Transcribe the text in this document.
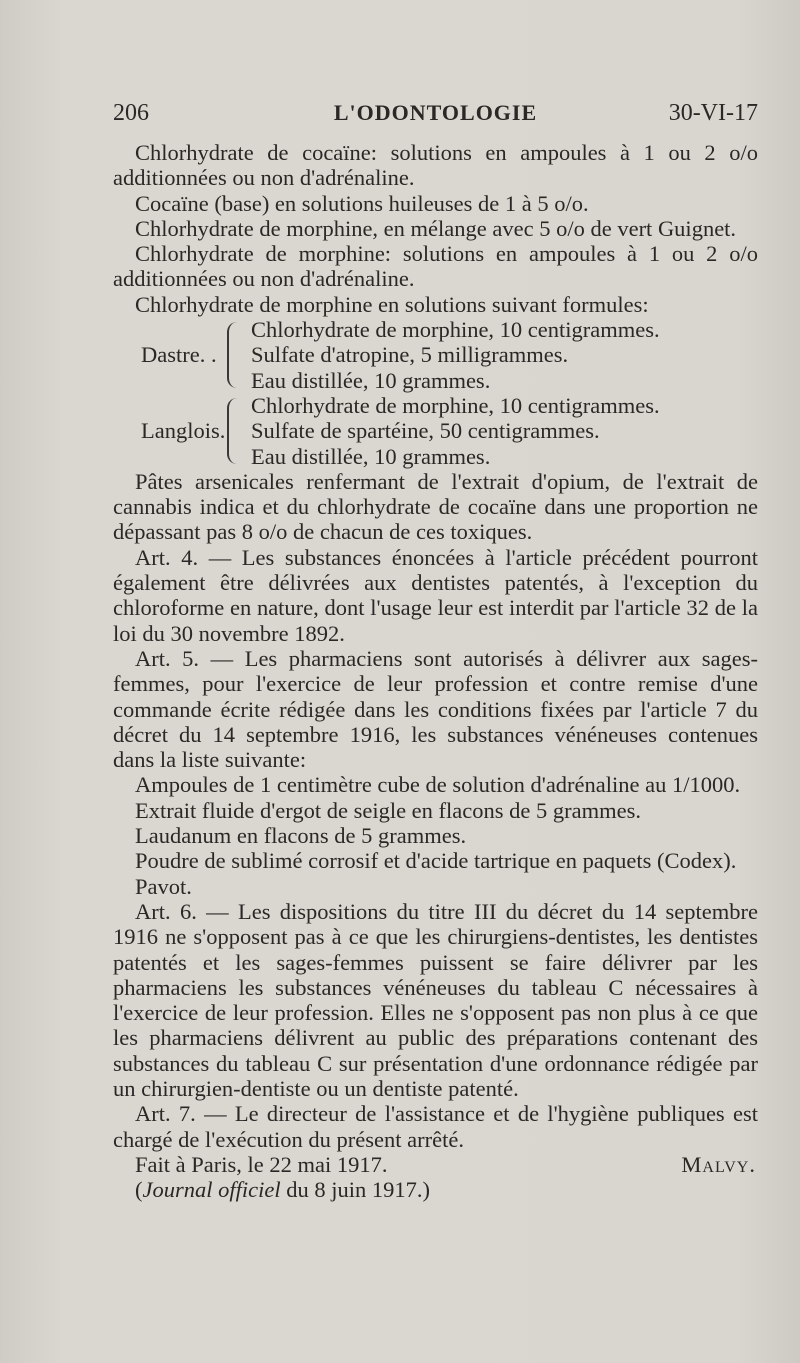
206	L'ODONTOLOGIE	30-VI-17

Chlorhydrate de cocaïne: solutions en ampoules à 1 ou 2 o/o additionnées ou non d'adrénaline.

Cocaïne (base) en solutions huileuses de 1 à 5 o/o.

Chlorhydrate de morphine, en mélange avec 5 o/o de vert Guignet.

Chlorhydrate de morphine: solutions en ampoules à 1 ou 2 o/o additionnées ou non d'adrénaline.

Chlorhydrate de morphine en solutions suivant formules:

Dastre. .
Chlorhydrate de morphine, 10 centigrammes.
Sulfate d'atropine, 5 milligrammes.
Eau distillée, 10 grammes.
Langlois.
Chlorhydrate de morphine, 10 centigrammes.
Sulfate de spartéine, 50 centigrammes.
Eau distillée, 10 grammes.

Pâtes arsenicales renfermant de l'extrait d'opium, de l'extrait de cannabis indica et du chlorhydrate de cocaïne dans une proportion ne dépassant pas 8 o/o de chacun de ces toxiques.

Art. 4. — Les substances énoncées à l'article précédent pourront également être délivrées aux dentistes patentés, à l'exception du chloroforme en nature, dont l'usage leur est interdit par l'article 32 de la loi du 30 novembre 1892.

Art. 5. — Les pharmaciens sont autorisés à délivrer aux sages-femmes, pour l'exercice de leur profession et contre remise d'une commande écrite rédigée dans les conditions fixées par l'article 7 du décret du 14 septembre 1916, les substances vénéneuses contenues dans la liste suivante:

Ampoules de 1 centimètre cube de solution d'adrénaline au 1/1000.

Extrait fluide d'ergot de seigle en flacons de 5 grammes.

Laudanum en flacons de 5 grammes.

Poudre de sublimé corrosif et d'acide tartrique en paquets (Codex).

Pavot.

Art. 6. — Les dispositions du titre III du décret du 14 septembre 1916 ne s'opposent pas à ce que les chirurgiens-dentistes, les dentistes patentés et les sages-femmes puissent se faire délivrer par les pharmaciens les substances vénéneuses du tableau C nécessaires à l'exercice de leur profession. Elles ne s'opposent pas non plus à ce que les pharmaciens délivrent au public des préparations contenant des substances du tableau C sur présentation d'une ordonnance rédigée par un chirurgien-dentiste ou un dentiste patenté.

Art. 7. — Le directeur de l'assistance et de l'hygiène publiques est chargé de l'exécution du présent arrêté.

Fait à Paris, le 22 mai 1917.	Malvy.

(Journal officiel du 8 juin 1917.)
